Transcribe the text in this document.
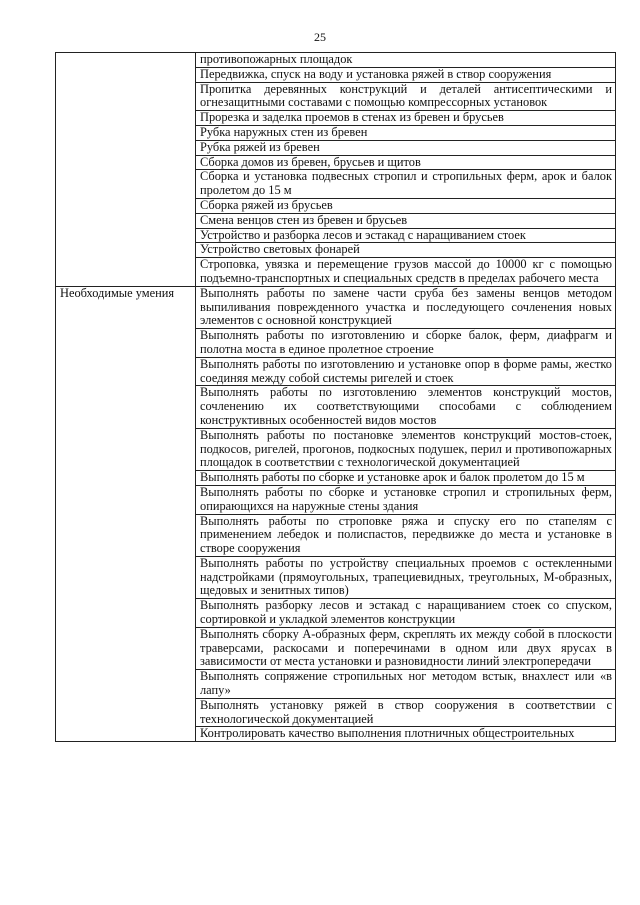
25

	противопожарных площадок

	Передвижка, спуск на воду и установка ряжей в створ сооружения

	Пропитка деревянных конструкций и деталей антисептическими и огнезащитными составами с помощью компрессорных установок

	Прорезка и заделка проемов в стенах из бревен и брусьев

	Рубка наружных стен из бревен

	Рубка ряжей из бревен

	Сборка домов из бревен, брусьев и щитов

	Сборка и установка подвесных стропил и стропильных ферм, арок и балок пролетом до 15 м

	Сборка ряжей из брусьев

	Смена венцов стен из бревен и брусьев

	Устройство и разборка лесов и эстакад с наращиванием стоек

	Устройство световых фонарей

	Строповка, увязка и перемещение грузов массой до 10000 кг с помощью подъемно-транспортных и специальных средств в пределах рабочего места

Необходимые умения	Выполнять работы по замене части сруба без замены венцов методом выпиливания поврежденного участка и последующего сочленения новых элементов с основной конструкцией

	Выполнять работы по изготовлению и сборке балок, ферм, диафрагм и полотна моста в единое пролетное строение

	Выполнять работы по изготовлению и установке опор в форме рамы, жестко соединяя между собой системы ригелей и стоек

	Выполнять работы по изготовлению элементов конструкций мостов, сочленению их соответствующими способами с соблюдением конструктивных особенностей видов мостов

	Выполнять работы по постановке элементов конструкций мостов-стоек, подкосов, ригелей, прогонов, подкосных подушек, перил и противопожарных площадок в соответствии с технологической документацией

	Выполнять работы по сборке и установке арок и балок пролетом до 15 м

	Выполнять работы по сборке и установке стропил и стропильных ферм, опирающихся на наружные стены здания

	Выполнять работы по строповке ряжа и спуску его по стапелям с применением лебедок и полиспастов, передвижке до места и установке в створе сооружения

	Выполнять работы по устройству специальных проемов с остекленными надстройками (прямоугольных, трапециевидных, треугольных, М-образных, щедовых и зенитных типов)

	Выполнять разборку лесов и эстакад с наращиванием стоек со спуском, сортировкой и укладкой элементов конструкции

	Выполнять сборку А-образных ферм, скреплять их между собой в плоскости траверсами, раскосами и поперечинами в одном или двух ярусах в зависимости от места установки и разновидности линий электропередачи

	Выполнять сопряжение стропильных ног методом встык, внахлест или «в лапу»

	Выполнять установку ряжей в створ сооружения в соответствии с технологической документацией

	Контролировать качество выполнения плотничных общестроительных
